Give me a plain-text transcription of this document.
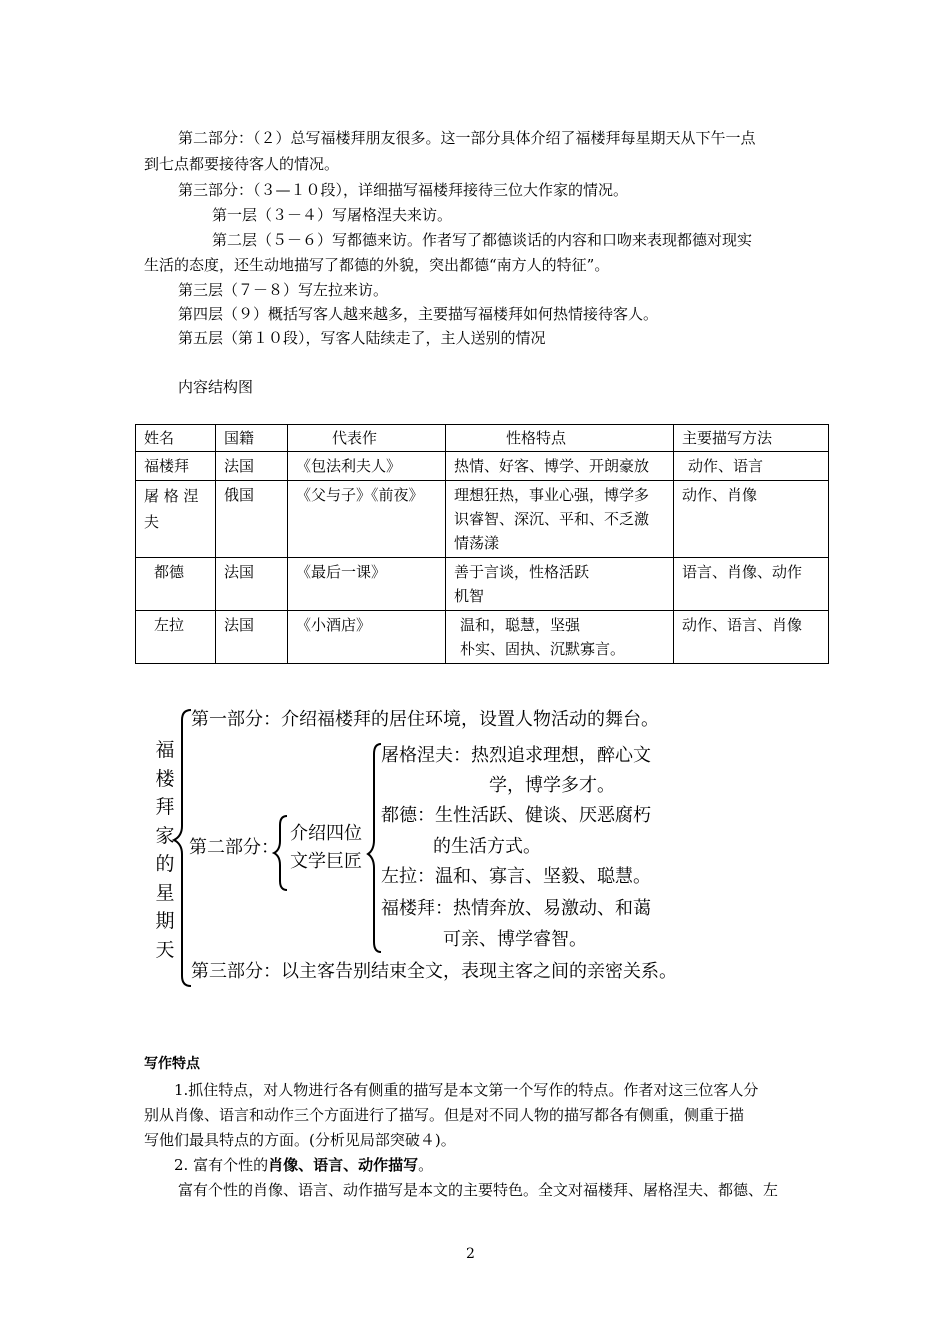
第二部分：（２）总写福楼拜朋友很多。这一部分具体介绍了福楼拜每星期天从下午一点
到七点都要接待客人的情况。
第三部分：（３—１０段），详细描写福楼拜接待三位大作家的情况。
第一层（３－４）写屠格涅夫来访。
第二层（５－６）写都德来访。作者写了都德谈话的内容和口吻来表现都德对现实
生活的态度，还生动地描写了都德的外貌，突出都德“南方人的特征”。
第三层（７－８）写左拉来访。
第四层（９）概括写客人越来越多，主要描写福楼拜如何热情接待客人。
第五层（第１０段），写客人陆续走了，主人送别的情况
内容结构图
姓名	国籍	代表作	性格特点	主要描写方法
福楼拜	法国	《包法利夫人》	热情、好客、博学、开朗豪放	动作、语言
屠 格 涅 夫	俄国	《父与子》《前夜》	理想狂热，事业心强，博学多
识睿智、深沉、平和、不乏激
情荡漾	动作、肖像
都德	法国	《最后一课》	善于言谈，性格活跃
机智	语言、肖像、动作
左拉	法国	《小酒店》	温和，聪慧，坚强
朴实、固执、沉默寡言。	动作、语言、肖像
福
楼
拜
家
的
星
期
天
第一部分：介绍福楼拜的居住环境，设置人物活动的舞台。
第二部分：
介绍四位
文学巨匠
屠格涅夫：热烈追求理想，醉心文
学，博学多才。
都德：生性活跃、健谈、厌恶腐朽
的生活方式。
左拉：温和、寡言、坚毅、聪慧。
福楼拜：热情奔放、易激动、和蔼
可亲、博学睿智。
第三部分：以主客告别结束全文，表现主客之间的亲密关系。
写作特点
1.抓住特点，对人物进行各有侧重的描写是本文第一个写作的特点。作者对这三位客人分
别从肖像、语言和动作三个方面进行了描写。但是对不同人物的描写都各有侧重，侧重于描
写他们最具特点的方面。(分析见局部突破４)。
2. 富有个性的肖像、语言、动作描写。
富有个性的肖像、语言、动作描写是本文的主要特色。全文对福楼拜、屠格涅夫、都德、左
2
